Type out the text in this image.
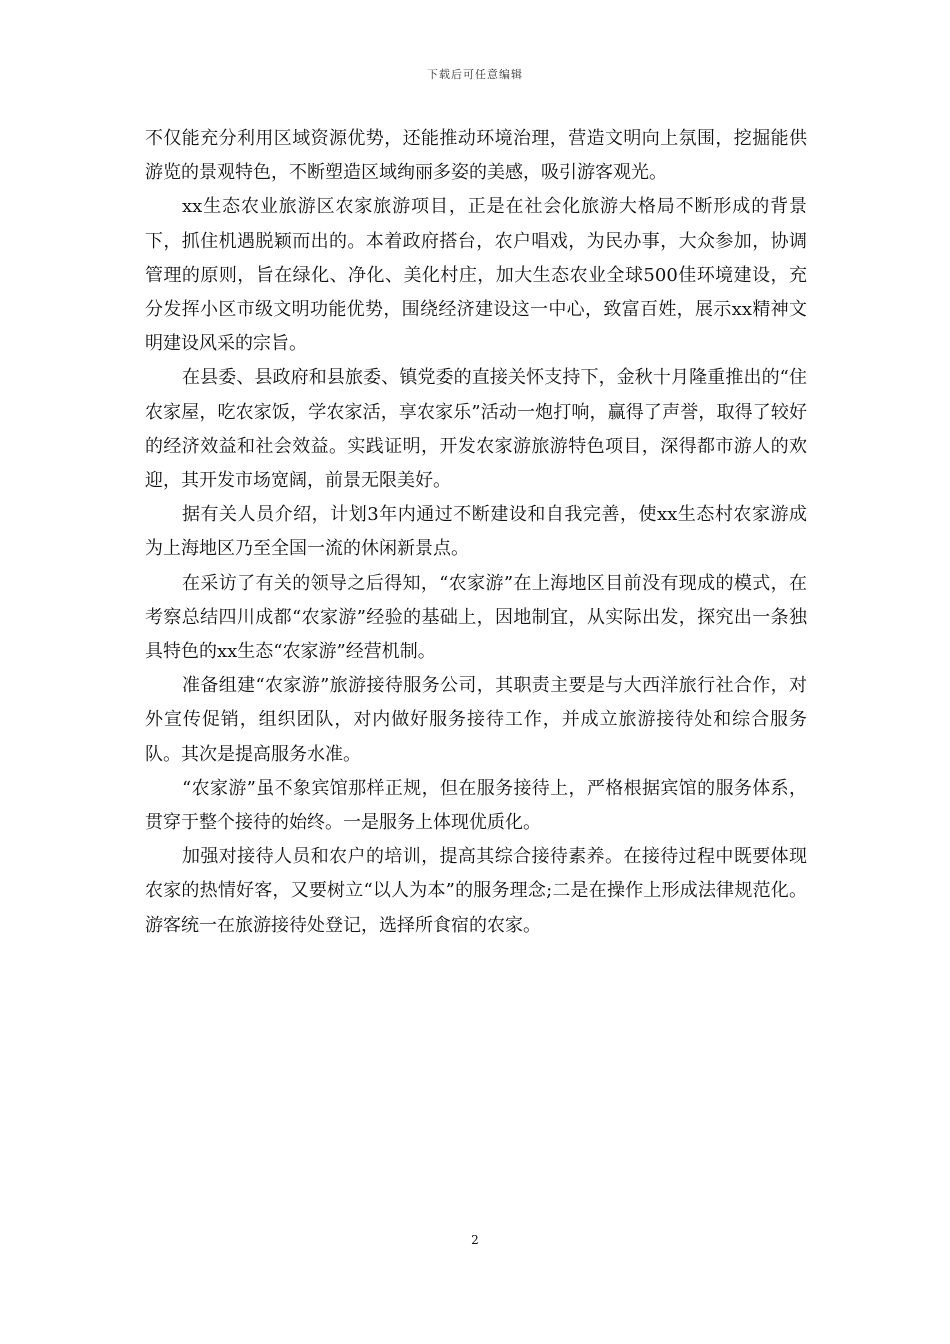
下载后可任意编辑

不仅能充分利用区域资源优势，还能推动环境治理，营造文明向上氛围，挖掘能供游览的景观特色，不断塑造区域绚丽多姿的美感，吸引游客观光。

xx生态农业旅游区农家旅游项目，正是在社会化旅游大格局不断形成的背景下，抓住机遇脱颖而出的。本着政府搭台，农户唱戏，为民办事，大众参加，协调管理的原则，旨在绿化、净化、美化村庄，加大生态农业全球500佳环境建设，充分发挥小区市级文明功能优势，围绕经济建设这一中心，致富百姓，展示xx精神文明建设风采的宗旨。

在县委、县政府和县旅委、镇党委的直接关怀支持下，金秋十月隆重推出的“住农家屋，吃农家饭，学农家活，享农家乐”活动一炮打响，赢得了声誉，取得了较好的经济效益和社会效益。实践证明，开发农家游旅游特色项目，深得都市游人的欢迎，其开发市场宽阔，前景无限美好。

据有关人员介绍，计划3年内通过不断建设和自我完善，使xx生态村农家游成为上海地区乃至全国一流的休闲新景点。

在采访了有关的领导之后得知，“农家游”在上海地区目前没有现成的模式，在考察总结四川成都“农家游”经验的基础上，因地制宜，从实际出发，探究出一条独具特色的xx生态“农家游”经营机制。

准备组建“农家游”旅游接待服务公司，其职责主要是与大西洋旅行社合作，对外宣传促销，组织团队，对内做好服务接待工作，并成立旅游接待处和综合服务队。其次是提高服务水准。

“农家游”虽不象宾馆那样正规，但在服务接待上，严格根据宾馆的服务体系，贯穿于整个接待的始终。一是服务上体现优质化。

加强对接待人员和农户的培训，提高其综合接待素养。在接待过程中既要体现农家的热情好客，又要树立“以人为本”的服务理念;二是在操作上形成法律规范化。游客统一在旅游接待处登记，选择所食宿的农家。

2
